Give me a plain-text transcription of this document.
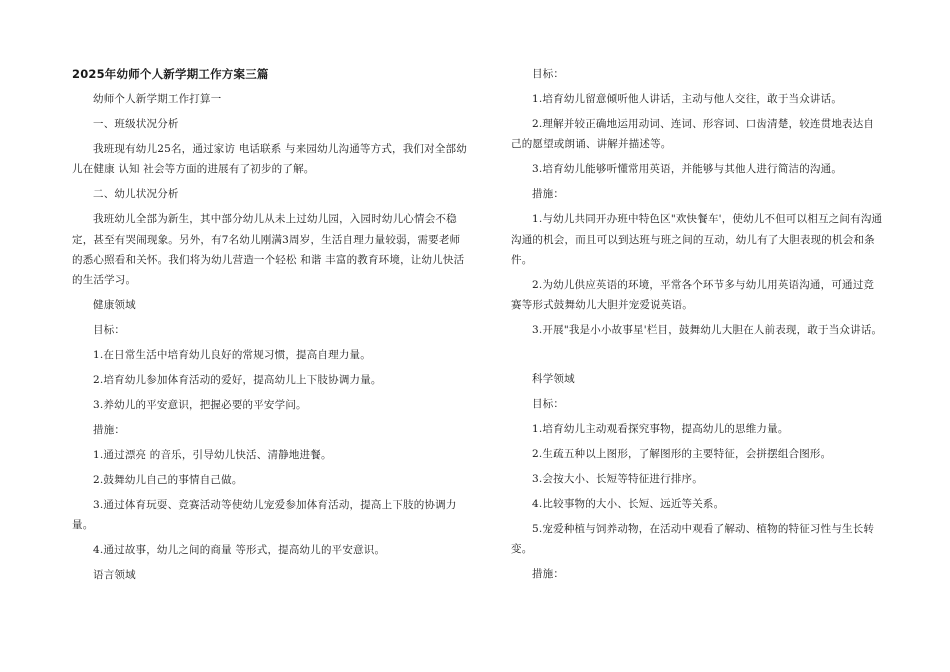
2025年幼师个人新学期工作方案三篇

幼师个人新学期工作打算一

一、班级状况分析

我班现有幼儿25名，通过家访 电话联系 与来园幼儿沟通等方式，我们对全部幼儿在健康 认知 社会等方面的进展有了初步的了解。

二、幼儿状况分析

我班幼儿全部为新生，其中部分幼儿从未上过幼儿园，入园时幼儿心情会不稳定，甚至有哭闹现象。另外，有7名幼儿刚满3周岁，生活自理力量较弱，需要老师的悉心照看和关怀。我们将为幼儿营造一个轻松 和谐 丰富的教育环境，让幼儿快活的生活学习。

健康领域

目标：

1.在日常生活中培育幼儿良好的常规习惯，提高自理力量。

2.培育幼儿参加体育活动的爱好，提高幼儿上下肢协调力量。

3.养幼儿的平安意识，把握必要的平安学问。

措施：

1.通过漂亮 的音乐，引导幼儿快活、清静地进餐。

2.鼓舞幼儿自己的事情自己做。

3.通过体育玩耍、竞赛活动等使幼儿宠爱参加体育活动，提高上下肢的协调力量。

4.通过故事，幼儿之间的商量 等形式，提高幼儿的平安意识。

语言领域

目标：

1.培育幼儿留意倾听他人讲话，主动与他人交往，敢于当众讲话。

2.理解并较正确地运用动词、连词、形容词、口齿清楚，较连贯地表达自己的愿望或朗诵、讲解并描述等。

3.培育幼儿能够听懂常用英语，并能够与其他人进行简洁的沟通。

措施：

1.与幼儿共同开办班中特色区"欢快餐车'，使幼儿不但可以相互之间有沟通沟通的机会，而且可以到达班与班之间的互动，幼儿有了大胆表现的机会和条件。

2.为幼儿供应英语的环境，平常各个环节多与幼儿用英语沟通，可通过竞赛等形式鼓舞幼儿大胆并宠爱说英语。

3.开展"我是小小故事星'栏目，鼓舞幼儿大胆在人前表现，敢于当众讲话。

科学领域

目标：

1.培育幼儿主动观看探究事物，提高幼儿的思维力量。

2.生疏五种以上图形，了解图形的主要特征，会拼摆组合图形。

3.会按大小、长短等特征进行排序。

4.比较事物的大小、长短、远近等关系。

5.宠爱种植与饲养动物，在活动中观看了解动、植物的特征习性与生长转变。

措施：
